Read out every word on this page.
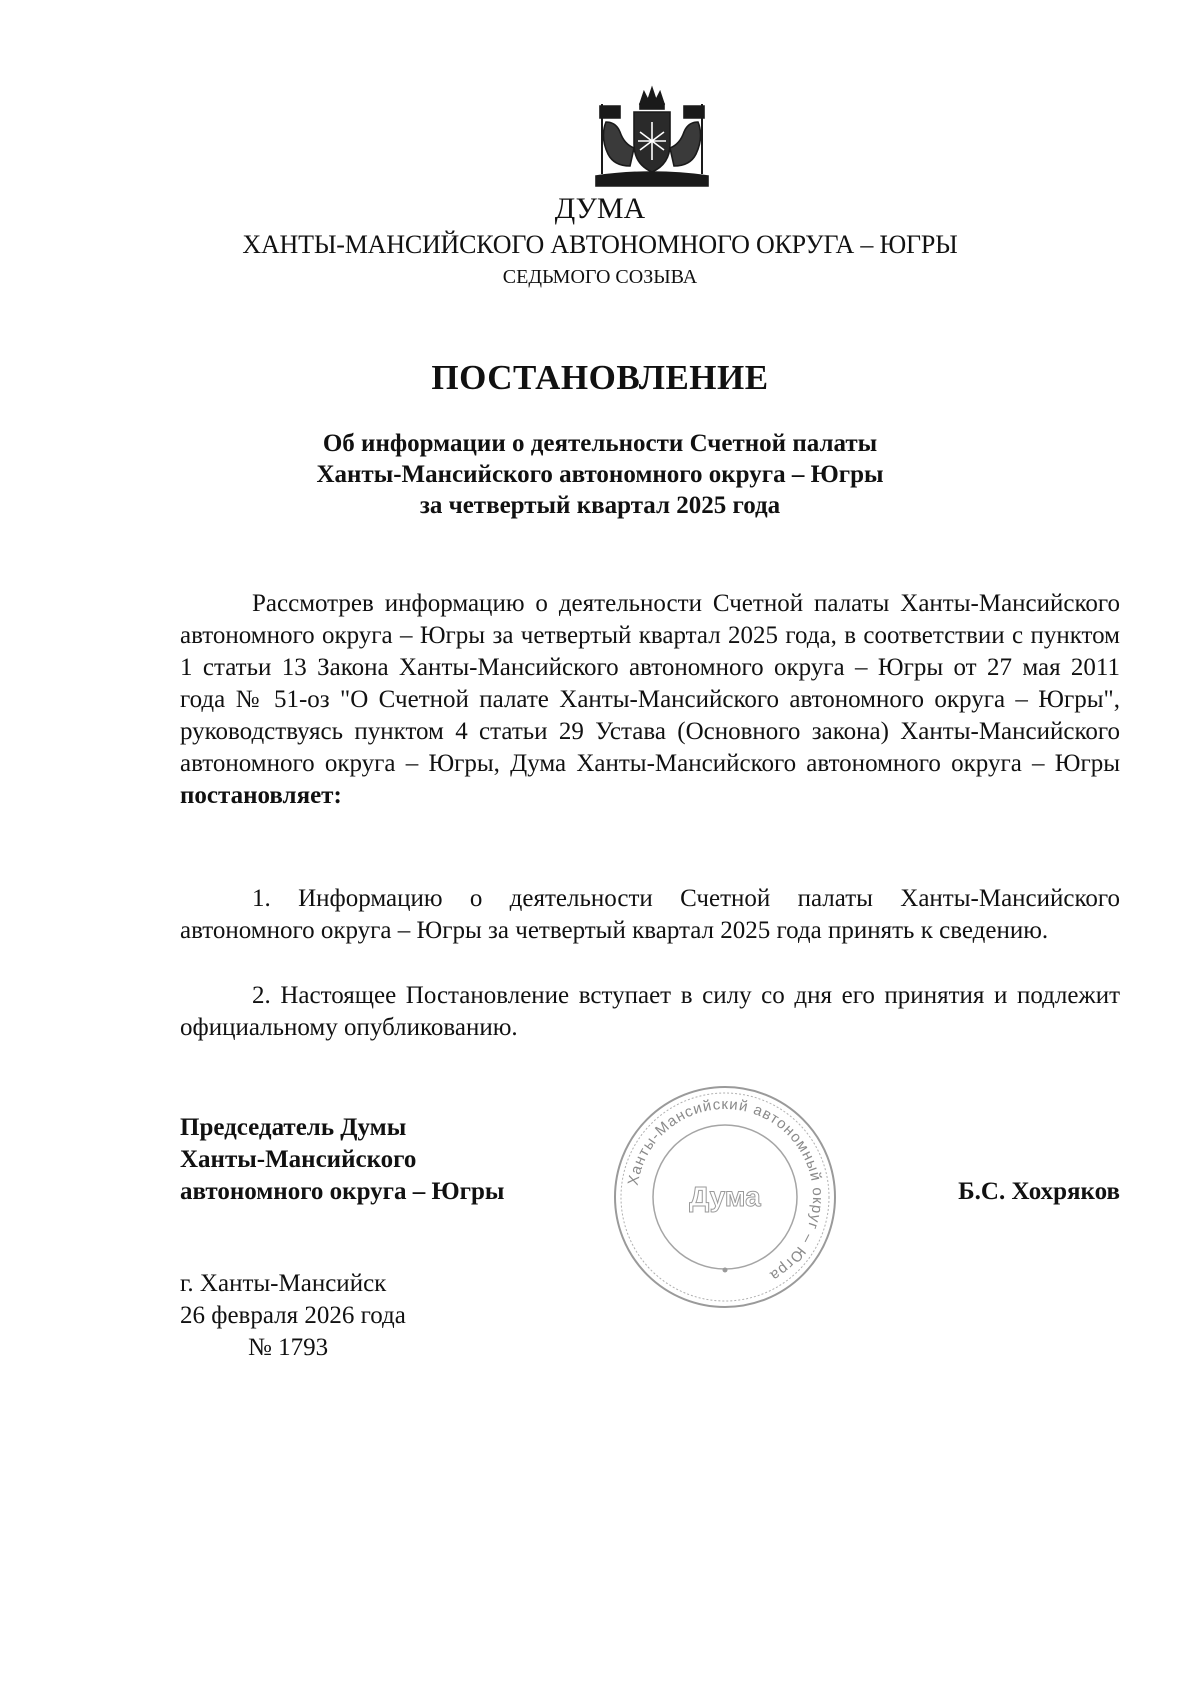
ДУМА
ХАНТЫ-МАНСИЙСКОГО АВТОНОМНОГО ОКРУГА – ЮГРЫ
СЕДЬМОГО СОЗЫВА
ПОСТАНОВЛЕНИЕ
Об информации о деятельности Счетной палаты
Ханты-Мансийского автономного округа – Югры
за четвертый квартал 2025 года
Рассмотрев информацию о деятельности Счетной палаты Ханты-Мансийского автономного округа – Югры за четвертый квартал 2025 года, в соответствии с пунктом 1 статьи 13 Закона Ханты-Мансийского автономного округа – Югры от 27 мая 2011 года № 51-оз "О Счетной палате Ханты-Мансийского автономного округа – Югры", руководствуясь пунктом 4 статьи 29 Устава (Основного закона) Ханты-Мансийского автономного округа – Югры, Дума Ханты-Мансийского автономного округа – Югры постановляет:
1. Информацию о деятельности Счетной палаты Ханты-Мансийского автономного округа – Югры за четвертый квартал 2025 года принять к сведению.
2. Настоящее Постановление вступает в силу со дня его принятия и подлежит официальному опубликованию.
Председатель Думы
Ханты-Мансийского
автономного округа – Югры	Ханты-Мансийский автономный округ – Югра
Дума	Б.С. Хохряков
г. Ханты-Мансийск
26 февраля 2026 года
№ 1793
